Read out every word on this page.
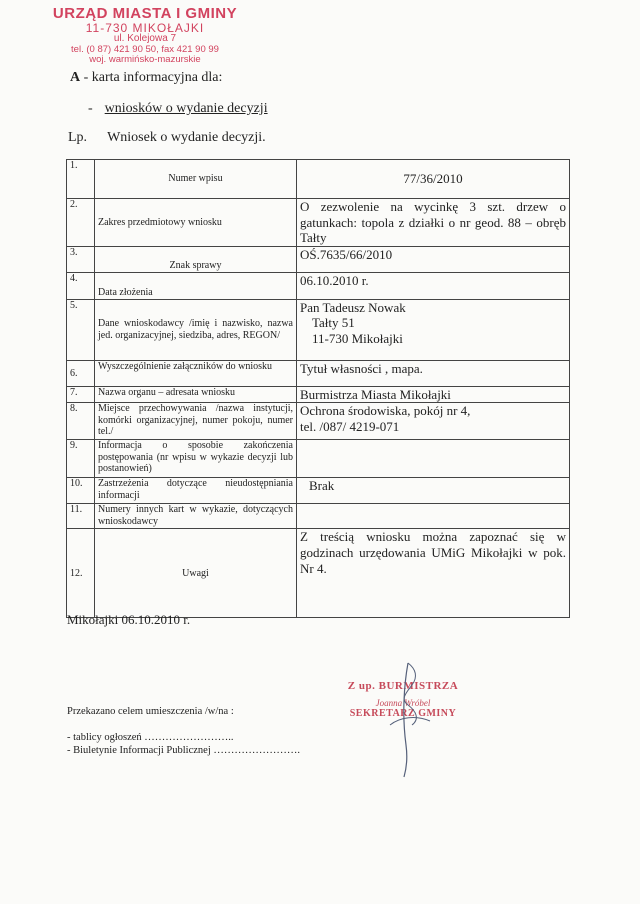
URZĄD MIASTA I GMINY
11-730 MIKOŁAJKI
ul. Kolejowa 7
tel. (0 87) 421 90 50, fax 421 90 99
woj. warmińsko-mazurskie
A - karta informacyjna dla:
- wniosków o wydanie decyzji
Lp. Wniosek o wydanie decyzji.
1.	Numer wpisu	77/36/2010
2.	Zakres przedmiotowy wniosku	O zezwolenie na wycinkę 3 szt. drzew o gatunkach: topola z działki o nr geod. 88 – obręb Tałty
3.	Znak sprawy	OŚ.7635/66/2010
4.	Data złożenia	06.10.2010 r.
5.	Dane wnioskodawcy /imię i nazwisko, nazwa jed. organizacyjnej, siedziba, adres, REGON/	Pan Tadeusz Nowak
Tałty 51
11-730 Mikołajki

6.	Wyszczególnienie załączników do wniosku	Tytuł własności , mapa.
7.	Nazwa organu – adresata wniosku	Burmistrza Miasta Mikołajki
8.	Miejsce przechowywania /nazwa instytucji, komórki organizacyjnej, numer pokoju, numer tel./	Ochrona środowiska, pokój nr 4,
tel. /087/ 4219-071

9.	Informacja o sposobie zakończenia postępowania (nr wpisu w wykazie decyzji lub postanowień)	
10.	Zastrzeżenia dotyczące nieudostępniania informacji	Brak
11.	Numery innych kart w wykazie, dotyczących wnioskodawcy	
12.	Uwagi	Z treścią wniosku można zapoznać się w godzinach urzędowania UMiG Mikołajki w pok. Nr 4.
Mikołajki 06.10.2010 r.
Przekazano celem umieszczenia /w/na :
- tablicy ogłoszeń ……………………..
- Biuletynie Informacji Publicznej …………………….
Z up. BURMISTRZA
Joanna Wróbel
SEKRETARZ GMINY
